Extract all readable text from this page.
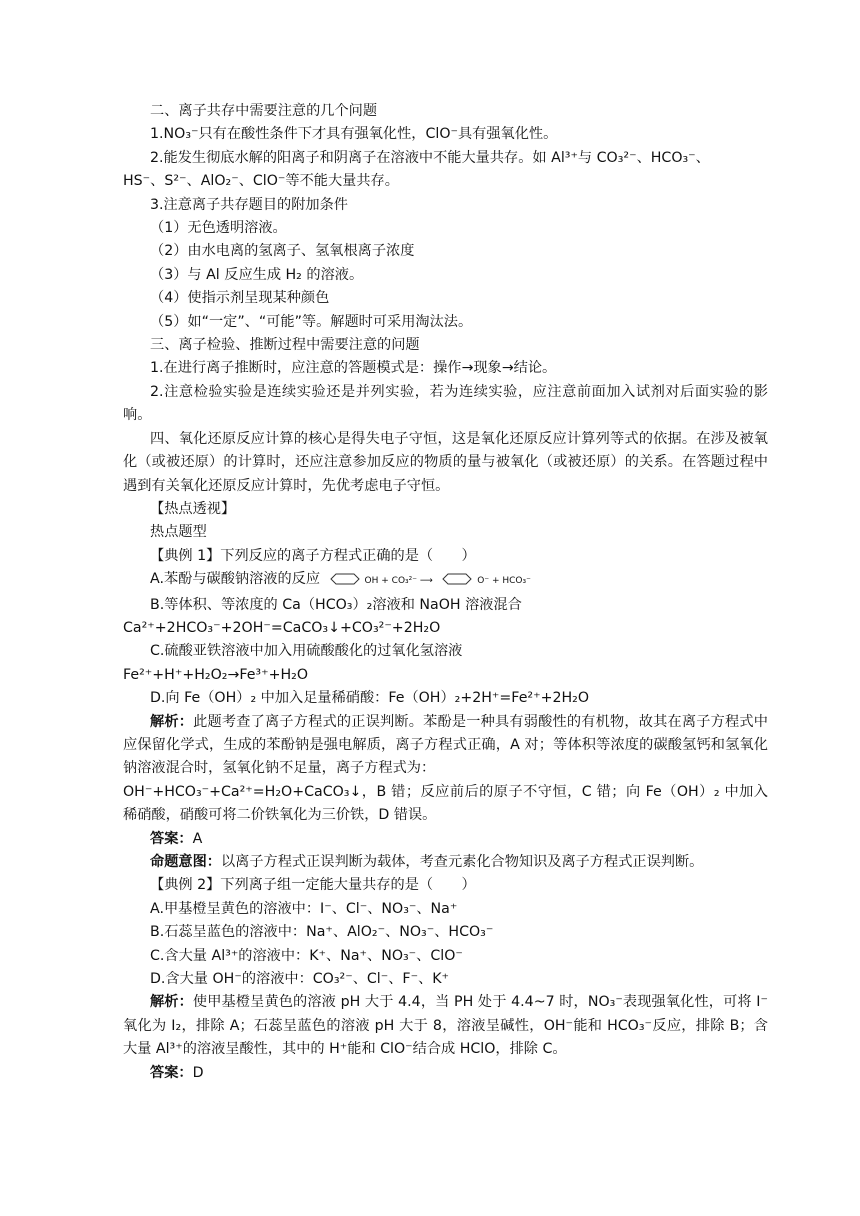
二、离子共存中需要注意的几个问题
1.NO₃⁻只有在酸性条件下才具有强氧化性，ClO⁻具有强氧化性。
2.能发生彻底水解的阳离子和阴离子在溶液中不能大量共存。如 Al³⁺与 CO₃²⁻、HCO₃⁻、
HS⁻、S²⁻、AlO₂⁻、ClO⁻等不能大量共存。
3.注意离子共存题目的附加条件
（1）无色透明溶液。
（2）由水电离的氢离子、氢氧根离子浓度
（3）与 Al 反应生成 H₂ 的溶液。
（4）使指示剂呈现某种颜色
（5）如“一定”、“可能”等。解题时可采用淘汰法。
三、离子检验、推断过程中需要注意的问题
1.在进行离子推断时，应注意的答题模式是：操作→现象→结论。
2.注意检验实验是连续实验还是并列实验，若为连续实验，应注意前面加入试剂对后面实验的影响。
四、氧化还原反应计算的核心是得失电子守恒，这是氧化还原反应计算列等式的依据。在涉及被氧化（或被还原）的计算时，还应注意参加反应的物质的量与被氧化（或被还原）的关系。在答题过程中遇到有关氧化还原反应计算时，先优考虑电子守恒。
【热点透视】
热点题型
【典例 1】下列反应的离子方程式正确的是（　　）
A.苯酚与碳酸钠溶液的反应	OH + CO₃²⁻ ⟶	O⁻ + HCO₃⁻
B.等体积、等浓度的 Ca（HCO₃）₂溶液和 NaOH 溶液混合
Ca²⁺+2HCO₃⁻+2OH⁻=CaCO₃↓+CO₃²⁻+2H₂O
C.硫酸亚铁溶液中加入用硫酸酸化的过氧化氢溶液
Fe²⁺+H⁺+H₂O₂→Fe³⁺+H₂O
D.向 Fe（OH）₂ 中加入足量稀硝酸：Fe（OH）₂+2H⁺=Fe²⁺+2H₂O
解析：此题考查了离子方程式的正误判断。苯酚是一种具有弱酸性的有机物，故其在离子方程式中应保留化学式，生成的苯酚钠是强电解质，离子方程式正确，A 对；等体积等浓度的碳酸氢钙和氢氧化钠溶液混合时，氢氧化钠不足量，离子方程式为：
OH⁻+HCO₃⁻+Ca²⁺=H₂O+CaCO₃↓，B 错；反应前后的原子不守恒，C 错；向 Fe（OH）₂ 中加入稀硝酸，硝酸可将二价铁氧化为三价铁，D 错误。
答案：A
命题意图：以离子方程式正误判断为载体，考查元素化合物知识及离子方程式正误判断。
【典例 2】下列离子组一定能大量共存的是（　　）
A.甲基橙呈黄色的溶液中：I⁻、Cl⁻、NO₃⁻、Na⁺
B.石蕊呈蓝色的溶液中：Na⁺、AlO₂⁻、NO₃⁻、HCO₃⁻
C.含大量 Al³⁺的溶液中：K⁺、Na⁺、NO₃⁻、ClO⁻
D.含大量 OH⁻的溶液中：CO₃²⁻、Cl⁻、F⁻、K⁺
解析：使甲基橙呈黄色的溶液 pH 大于 4.4，当 PH 处于 4.4~7 时，NO₃⁻表现强氧化性，可将 I⁻氧化为 I₂，排除 A；石蕊呈蓝色的溶液 pH 大于 8，溶液呈碱性，OH⁻能和 HCO₃⁻反应，排除 B；含大量 Al³⁺的溶液呈酸性，其中的 H⁺能和 ClO⁻结合成 HClO，排除 C。
答案：D
